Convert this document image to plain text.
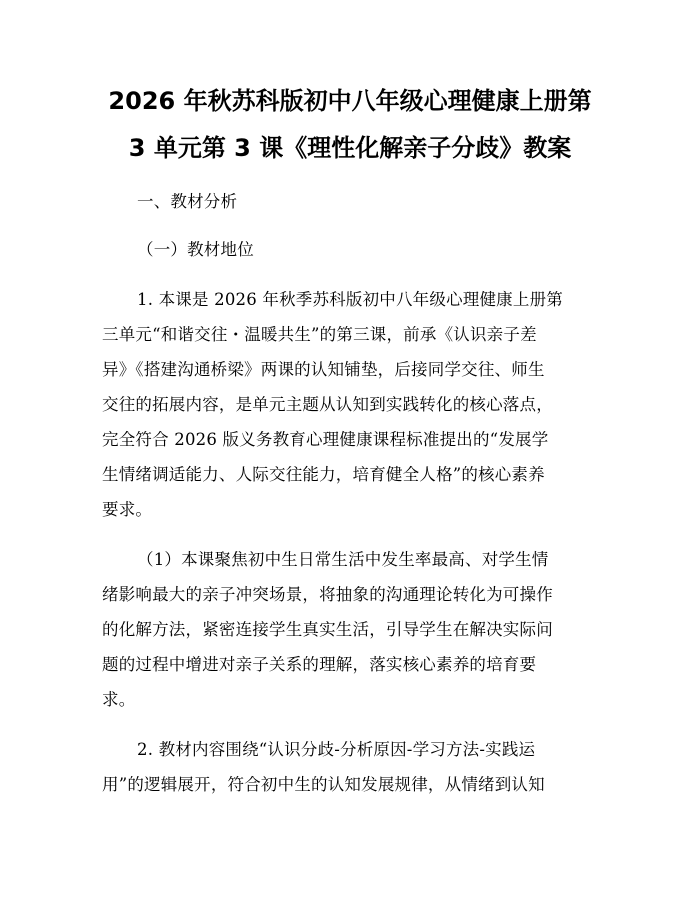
2026 年秋苏科版初中八年级心理健康上册第
3 单元第 3 课《理性化解亲子分歧》教案

一、教材分析

（一）教材地位

1. 本课是 2026 年秋季苏科版初中八年级心理健康上册第

三单元“和谐交往・温暖共生”的第三课，前承《认识亲子差

异》《搭建沟通桥梁》两课的认知铺垫，后接同学交往、师生

交往的拓展内容，是单元主题从认知到实践转化的核心落点，

完全符合 2026 版义务教育心理健康课程标准提出的“发展学

生情绪调适能力、人际交往能力，培育健全人格”的核心素养

要求。

（1）本课聚焦初中生日常生活中发生率最高、对学生情

绪影响最大的亲子冲突场景，将抽象的沟通理论转化为可操作

的化解方法，紧密连接学生真实生活，引导学生在解决实际问

题的过程中增进对亲子关系的理解，落实核心素养的培育要

求。

2. 教材内容围绕“认识分歧-分析原因-学习方法-实践运

用”的逻辑展开，符合初中生的认知发展规律，从情绪到认知
